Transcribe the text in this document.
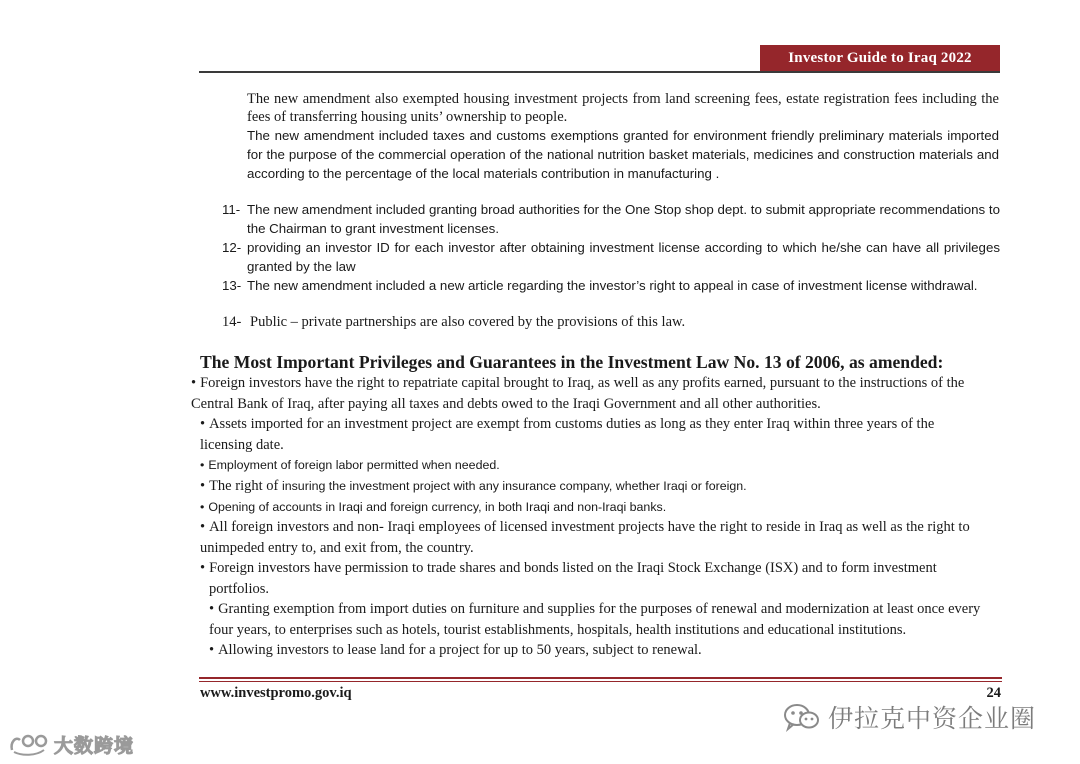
Investor Guide to Iraq 2022
The new amendment also exempted housing investment projects from land screening fees, estate registration fees including the fees of transferring housing units’ ownership to people.
The new amendment included taxes and customs exemptions granted for environment friendly preliminary materials imported for the purpose of the commercial operation of the national nutrition basket materials, medicines and construction materials and according to the percentage of the local materials contribution in manufacturing .
11- The new amendment included granting broad authorities for the One Stop shop dept. to submit appropriate recommendations to the Chairman to grant investment licenses.
12- providing an investor ID for each investor after obtaining investment license according to which he/she can have all privileges granted by the law
13- The new amendment included a new article regarding the investor’s right to appeal in case of investment license withdrawal.
14- Public – private partnerships are also covered by the provisions of this law.
The Most Important Privileges and Guarantees in the Investment Law No. 13 of 2006, as amended:
• Foreign investors have the right to repatriate capital brought to Iraq, as well as any profits earned, pursuant to the instructions of the Central Bank of Iraq, after paying all taxes and debts owed to the Iraqi Government and all other authorities.
• Assets imported for an investment project are exempt from customs duties as long as they enter Iraq within three years of the licensing date.
• Employment of foreign labor permitted when needed.
• The right of insuring the investment project with any insurance company, whether Iraqi or foreign.
• Opening of accounts in Iraqi and foreign currency, in both Iraqi and non-Iraqi banks.
• All foreign investors and non- Iraqi employees of licensed investment projects have the right to reside in Iraq as well as the right to unimpeded entry to, and exit from, the country.
• Foreign investors have permission to trade shares and bonds listed on the Iraqi Stock Exchange (ISX) and to form investment portfolios.
• Granting exemption from import duties on furniture and supplies for the purposes of renewal and modernization at least once every four years, to enterprises such as hotels, tourist establishments, hospitals, health institutions and educational institutions.
• Allowing investors to lease land for a project for up to 50 years, subject to renewal.
www.investpromo.gov.iq	24
伊拉克中资企业圈
大数跨境
